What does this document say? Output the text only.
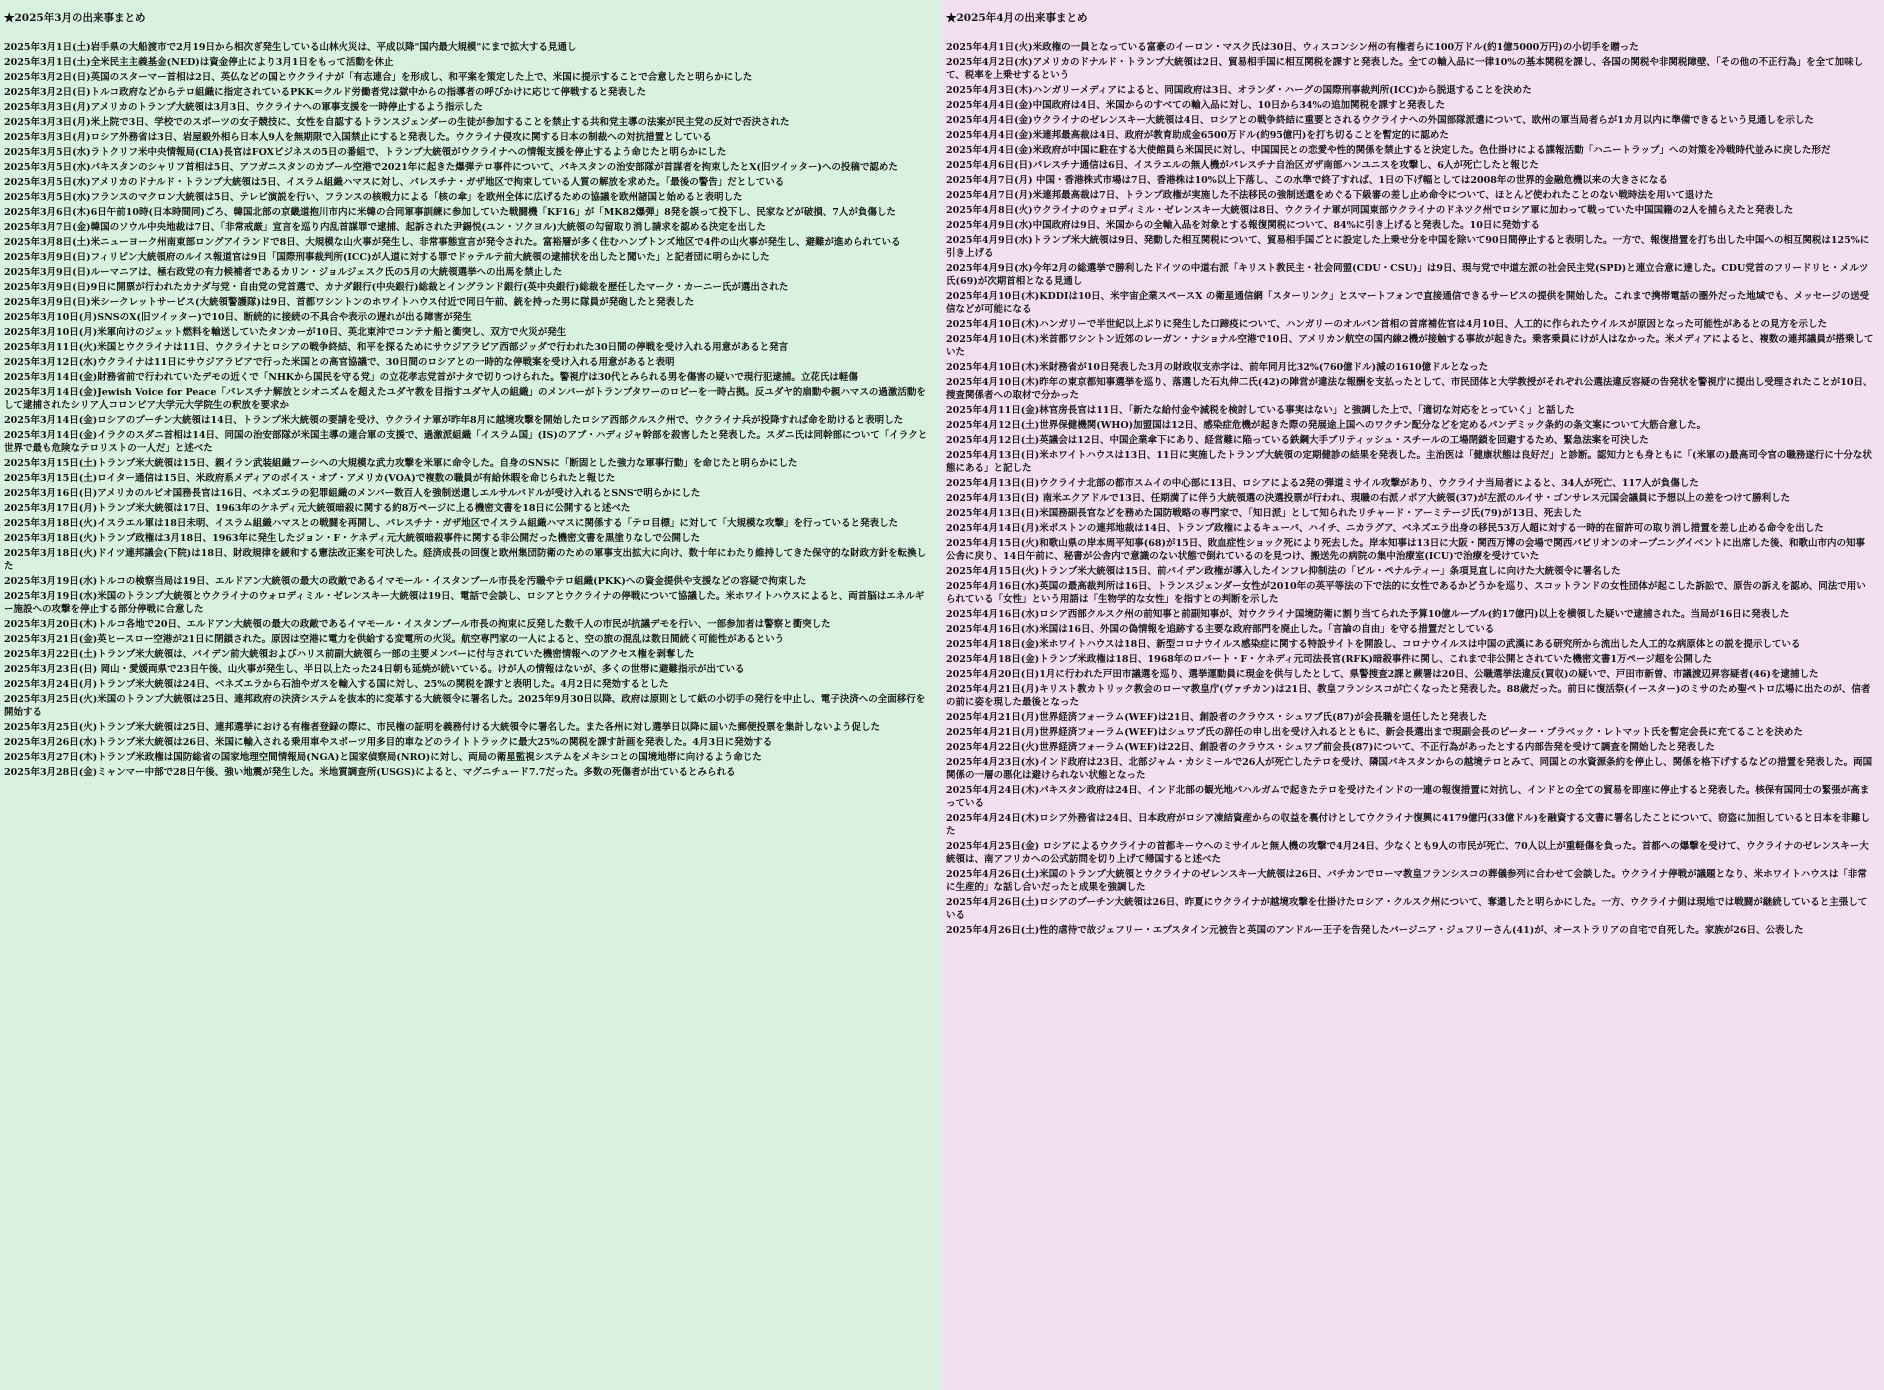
★2025年3月の出来事まとめ
2025年3月1日(土)岩手県の大船渡市で2月19日から相次ぎ発生している山林火災は、平成以降"国内最大規模"にまで拡大する見通し
2025年3月1日(土)全米民主主義基金(NED)は資金停止により3月1日をもって活動を休止
2025年3月2日(日)英国のスターマー首相は2日、英仏などの国とウクライナが「有志連合」を形成し、和平案を策定した上で、米国に提示することで合意したと明らかにした
2025年3月2日(日)トルコ政府などからテロ組織に指定されているPKK＝クルド労働者党は獄中からの指導者の呼びかけに応じて停戦すると発表した
2025年3月3日(月)アメリカのトランプ大統領は3月3日、ウクライナへの軍事支援を一時停止するよう指示した
2025年3月3日(月)米上院で3日、学校でのスポーツの女子競技に、女性を自認するトランスジェンダーの生徒が参加することを禁止する共和党主導の法案が民主党の反対で否決された
2025年3月3日(月)ロシア外務省は3日、岩屋毅外相ら日本人9人を無期限で入国禁止にすると発表した。ウクライナ侵攻に関する日本の制裁への対抗措置としている
2025年3月5日(水)ラトクリフ米中央情報局(CIA)長官はFOXビジネスの5日の番組で、トランプ大統領がウクライナへの情報支援を停止するよう命じたと明らかにした
2025年3月5日(水)パキスタンのシャリフ首相は5日、アフガニスタンのカブール空港で2021年に起きた爆弾テロ事件について、パキスタンの治安部隊が首謀者を拘束したとX(旧ツイッター)への投稿で認めた
2025年3月5日(水)アメリカのドナルド・トランプ大統領は5日、イスラム組織ハマスに対し、パレスチナ・ガザ地区で拘束している人質の解放を求めた。「最後の警告」だとしている
2025年3月5日(水)フランスのマクロン大統領は5日、テレビ演説を行い、フランスの核戦力による「核の傘」を欧州全体に広げるための協議を欧州諸国と始めると表明した
2025年3月6日(木)6日午前10時(日本時間同)ごろ、韓国北部の京畿道抱川市内に米韓の合同軍事訓練に参加していた戦闘機「KF16」が「MK82爆弾」8発を誤って投下し、民家などが破損、7人が負傷した
2025年3月7日(金)韓国のソウル中央地裁は7日、「非常戒厳」宣言を巡り内乱首謀罪で逮捕、起訴された尹錫悦(ユン・ソクヨル)大統領の勾留取り消し請求を認める決定を出した
2025年3月8日(土)米ニューヨーク州南東部ロングアイランドで8日、大規模な山火事が発生し、非常事態宣言が発令された。富裕層が多く住むハンプトンズ地区で4件の山火事が発生し、避難が進められている
2025年3月9日(日)フィリピン大統領府のルイス報道官は9日「国際刑事裁判所(ICC)が人道に対する罪でドゥテルテ前大統領の逮捕状を出したと聞いた」と記者団に明らかにした
2025年3月9日(日)ルーマニアは、極右政党の有力候補者であるカリン・ジョルジェスク氏の5月の大統領選挙への出馬を禁止した
2025年3月9日(日)9日に開票が行われたカナダ与党・自由党の党首選で、カナダ銀行(中央銀行)総裁とイングランド銀行(英中央銀行)総裁を歴任したマーク・カーニー氏が選出された
2025年3月9日(日)米シークレットサービス(大統領警護隊)は9日、首都ワシントンのホワイトハウス付近で同日午前、銃を持った男に隊員が発砲したと発表した
2025年3月10日(月)SNSのX(旧ツイッター)で10日、断続的に接続の不具合や表示の遅れが出る障害が発生
2025年3月10日(月)米軍向けのジェット燃料を輸送していたタンカーが10日、英北東沖でコンテナ船と衝突し、双方で火災が発生
2025年3月11日(火)米国とウクライナは11日、ウクライナとロシアの戦争終結、和平を探るためにサウジアラビア西部ジッダで行われた30日間の停戦を受け入れる用意があると発言
2025年3月12日(水)ウクライナは11日にサウジアラビアで行った米国との高官協議で、30日間のロシアとの一時的な停戦案を受け入れる用意があると表明
2025年3月14日(金)財務省前で行われていたデモの近くで「NHKから国民を守る党」の立花孝志党首がナタで切りつけられた。警視庁は30代とみられる男を傷害の疑いで現行犯逮捕。立花氏は軽傷
2025年3月14日(金)Jewish Voice for Peace「パレスチナ解放とシオニズムを超えたユダヤ教を目指すユダヤ人の組織」のメンバーがトランプタワーのロビーを一時占拠。反ユダヤ的扇動や親ハマスの過激活動をして逮捕されたシリア人コロンビア大学元大学院生の釈放を要求か
2025年3月14日(金)ロシアのプーチン大統領は14日、トランプ米大統領の要請を受け、ウクライナ軍が昨年8月に越境攻撃を開始したロシア西部クルスク州で、ウクライナ兵が投降すれば命を助けると表明した
2025年3月14日(金)イラクのスダニ首相は14日、同国の治安部隊が米国主導の連合軍の支援で、過激派組織「イスラム国」(IS)のアブ・ハディジャ幹部を殺害したと発表した。スダニ氏は同幹部について「イラクと世界で最も危険なテロリストの一人だ」と述べた
2025年3月15日(土)トランプ米大統領は15日、親イラン武装組織フーシへの大規模な武力攻撃を米軍に命令した。自身のSNSに「断固とした強力な軍事行動」を命じたと明らかにした
2025年3月15日(土)ロイター通信は15日、米政府系メディアのボイス・オブ・アメリカ(VOA)で複数の職員が有給休暇を命じられたと報じた
2025年3月16日(日)アメリカのルビオ国務長官は16日、ベネズエラの犯罪組織のメンバー数百人を強制送還しエルサルバドルが受け入れるとSNSで明らかにした
2025年3月17日(月)トランプ米大統領は17日、1963年のケネディ元大統領暗殺に関する約8万ページに上る機密文書を18日に公開すると述べた
2025年3月18日(火)イスラエル軍は18日未明、イスラム組織ハマスとの戦闘を再開し、パレスチナ・ガザ地区でイスラム組織ハマスに関係する「テロ目標」に対して「大規模な攻撃」を行っていると発表した
2025年3月18日(火)トランプ政権は3月18日、1963年に発生したジョン・F・ケネディ元大統領暗殺事件に関する非公開だった機密文書を黒塗りなしで公開した
2025年3月18日(火)ドイツ連邦議会(下院)は18日、財政規律を緩和する憲法改正案を可決した。経済成長の回復と欧州集団防衛のための軍事支出拡大に向け、数十年にわたり維持してきた保守的な財政方針を転換した
2025年3月19日(水)トルコの検察当局は19日、エルドアン大統領の最大の政敵であるイマモール・イスタンブール市長を汚職やテロ組織(PKK)への資金提供や支援などの容疑で拘束した
2025年3月19日(水)米国のトランプ大統領とウクライナのウォロディミル・ゼレンスキー大統領は19日、電話で会談し、ロシアとウクライナの停戦について協議した。米ホワイトハウスによると、両首脳はエネルギー施設への攻撃を停止する部分停戦に合意した
2025年3月20日(木)トルコ各地で20日、エルドアン大統領の最大の政敵であるイマモール・イスタンブール市長の拘束に反発した数千人の市民が抗議デモを行い、一部参加者は警察と衝突した
2025年3月21日(金)英ヒースロー空港が21日に閉鎖された。原因は空港に電力を供給する変電所の火災。航空専門家の一人によると、空の旅の混乱は数日間続く可能性があるという
2025年3月22日(土)トランプ米大統領は、バイデン前大統領およびハリス前副大統領ら一部の主要メンバーに付与されていた機密情報へのアクセス権を剥奪した
2025年3月23日(日) 岡山・愛媛両県で23日午後、山火事が発生し、半日以上たった24日朝も延焼が続いている。けが人の情報はないが、多くの世帯に避難指示が出ている
2025年3月24日(月)トランプ米大統領は24日、ベネズエラから石油やガスを輸入する国に対し、25%の関税を課すと表明した。4月2日に発効するとした
2025年3月25日(火)米国のトランプ大統領は25日、連邦政府の決済システムを抜本的に変革する大統領令に署名した。2025年9月30日以降、政府は原則として紙の小切手の発行を中止し、電子決済への全面移行を開始する
2025年3月25日(火)トランプ米大統領は25日、連邦選挙における有権者登録の際に、市民権の証明を義務付ける大統領令に署名した。また各州に対し選挙日以降に届いた郵便投票を集計しないよう促した
2025年3月26日(水)トランプ米大統領は26日、米国に輸入される乗用車やスポーツ用多目的車などのライトトラックに最大25%の関税を課す計画を発表した。4月3日に発効する
2025年3月27日(木)トランプ米政権は国防総省の国家地理空間情報局(NGA)と国家偵察局(NRO)に対し、両局の衛星監視システムをメキシコとの国境地帯に向けるよう命じた
2025年3月28日(金)ミャンマー中部で28日午後、強い地震が発生した。米地質調査所(USGS)によると、マグニチュード7.7だった。多数の死傷者が出ているとみられる
★2025年4月の出来事まとめ
2025年4月1日(火)米政権の一員となっている富豪のイーロン・マスク氏は30日、ウィスコンシン州の有権者らに100万ドル(約1億5000万円)の小切手を贈った
2025年4月2日(水)アメリカのドナルド・トランプ大統領は2日、貿易相手国に相互関税を課すと発表した。全ての輸入品に一律10%の基本関税を課し、各国の関税や非関税障壁、「その他の不正行為」を全て加味して、税率を上乗せするという
2025年4月3日(木)ハンガリーメディアによると、同国政府は3日、オランダ・ハーグの国際刑事裁判所(ICC)から脱退することを決めた
2025年4月4日(金)中国政府は4日、米国からのすべての輸入品に対し、10日から34%の追加関税を課すと発表した
2025年4月4日(金)ウクライナのゼレンスキー大統領は4日、ロシアとの戦争終結に重要とされるウクライナへの外国部隊派遣について、欧州の軍当局者らが1カ月以内に準備できるという見通しを示した
2025年4月4日(金)米連邦最高裁は4日、政府が教育助成金6500万ドル(約95億円)を打ち切ることを暫定的に認めた
2025年4月4日(金)米政府が中国に駐在する大使館員ら米国民に対し、中国国民との恋愛や性的関係を禁止すると決定した。色仕掛けによる諜報活動「ハニートラップ」への対策を冷戦時代並みに戻した形だ
2025年4月6日(日)パレスチナ通信は6日、イスラエルの無人機がパレスチナ自治区ガザ南部ハンユニスを攻撃し、6人が死亡したと報じた
2025年4月7日(月) 中国・香港株式市場は7日、香港株は10%以上下落し、この水準で終了すれば、1日の下げ幅としては2008年の世界的金融危機以来の大きさになる
2025年4月7日(月)米連邦最高裁は7日、トランプ政権が実施した不法移民の強制送還をめぐる下級審の差し止め命令について、ほとんど使われたことのない戦時法を用いて退けた
2025年4月8日(火)ウクライナのウォロディミル・ゼレンスキー大統領は8日、ウクライナ軍が同国東部ウクライナのドネツク州でロシア軍に加わって戦っていた中国国籍の2人を捕らえたと発表した
2025年4月9日(水)中国政府は9日、米国からの全輸入品を対象とする報復関税について、84%に引き上げると発表した。10日に発効する
2025年4月9日(水)トランプ米大統領は9日、発動した相互関税について、貿易相手国ごとに設定した上乗せ分を中国を除いて90日間停止すると表明した。一方で、報復措置を打ち出した中国への相互関税は125%に引き上げる
2025年4月9日(水)今年2月の総選挙で勝利したドイツの中道右派「キリスト教民主・社会同盟(CDU・CSU)」は9日、現与党で中道左派の社会民主党(SPD)と連立合意に達した。CDU党首のフリードリヒ・メルツ氏(69)が次期首相となる見通し
2025年4月10日(木)KDDIは10日、米宇宙企業スペースX の衛星通信網「スターリンク」とスマートフォンで直接通信できるサービスの提供を開始した。これまで携帯電話の圏外だった地域でも、メッセージの送受信などが可能になる
2025年4月10日(木)ハンガリーで半世紀以上ぶりに発生した口蹄疫について、ハンガリーのオルバン首相の首席補佐官は4月10日、人工的に作られたウイルスが原因となった可能性があるとの見方を示した
2025年4月10日(木)米首都ワシントン近郊のレーガン・ナショナル空港で10日、アメリカン航空の国内線2機が接触する事故が起きた。乗客乗員にけが人はなかった。米メディアによると、複数の連邦議員が搭乗していた
2025年4月10日(木)米財務省が10日発表した3月の財政収支赤字は、前年同月比32%(760億ドル)減の1610億ドルとなった
2025年4月10日(木)昨年の東京都知事選挙を巡り、落選した石丸伸二氏(42)の陣営が違法な報酬を支払ったとして、市民団体と大学教授がそれぞれ公選法違反容疑の告発状を警視庁に提出し受理されたことが10日、捜査関係者への取材で分かった
2025年4月11日(金)林官房長官は11日、「新たな給付金や減税を検討している事実はない」と強調した上で、「適切な対応をとっていく」と話した
2025年4月12日(土)世界保健機関(WHO)加盟国は12日、感染症危機が起きた際の発展途上国へのワクチン配分などを定めるパンデミック条約の条文案について大筋合意した。
2025年4月12日(土)英議会は12日、中国企業傘下にあり、経営難に陥っている鉄鋼大手ブリティッシュ・スチールの工場閉鎖を回避するため、緊急法案を可決した
2025年4月13日(日)米ホワイトハウスは13日、11日に実施したトランプ大統領の定期健診の結果を発表した。主治医は「健康状態は良好だ」と診断。認知力とも身ともに「(米軍の)最高司令官の職務遂行に十分な状態にある」と記した
2025年4月13日(日)ウクライナ北部の都市スムイの中心部に13日、ロシアによる2発の弾道ミサイル攻撃があり、ウクライナ当局者によると、34人が死亡、117人が負傷した
2025年4月13日(日) 南米エクアドルで13日、任期満了に伴う大統領選の決選投票が行われ、現職の右派ノボア大統領(37)が左派のルイサ・ゴンサレス元国会議員に予想以上の差をつけて勝利した
2025年4月13日(日)米国務副長官などを務めた国防戦略の専門家で、「知日派」として知られたリチャード・アーミテージ氏(79)が13日、死去した
2025年4月14日(月)米ボストンの連邦地裁は14日、トランプ政権によるキューバ、ハイチ、ニカラグア、ベネズエラ出身の移民53万人超に対する一時的在留許可の取り消し措置を差し止める命令を出した
2025年4月15日(火)和歌山県の岸本周平知事(68)が15日、敗血症性ショック死により死去した。岸本知事は13日に大阪・関西万博の会場で関西パビリオンのオープニングイベントに出席した後、和歌山市内の知事公舎に戻り、14日午前に、秘書が公舎内で意識のない状態で倒れているのを見つけ、搬送先の病院の集中治療室(ICU)で治療を受けていた
2025年4月15日(火)トランプ米大統領は15日、前バイデン政権が導入したインフレ抑制法の「ビル・ペナルティー」条項見直しに向けた大統領令に署名した
2025年4月16日(水)英国の最高裁判所は16日、トランスジェンダー女性が2010年の英平等法の下で法的に女性であるかどうかを巡り、スコットランドの女性団体が起こした訴訟で、原告の訴えを認め、同法で用いられている「女性」という用語は「生物学的な女性」を指すとの判断を示した
2025年4月16日(水)ロシア西部クルスク州の前知事と前副知事が、対ウクライナ国境防衛に割り当てられた予算10億ルーブル(約17億円)以上を横領した疑いで逮捕された。当局が16日に発表した
2025年4月16日(水)米国は16日、外国の偽情報を追跡する主要な政府部門を廃止した。「言論の自由」を守る措置だとしている
2025年4月18日(金)米ホワイトハウスは18日、新型コロナウイルス感染症に関する特設サイトを開設し、コロナウイルスは中国の武漢にある研究所から流出した人工的な病原体との説を提示している
2025年4月18日(金)トランプ米政権は18日、1968年のロバート・F・ケネディ元司法長官(RFK)暗殺事件に関し、これまで非公開とされていた機密文書1万ページ超を公開した
2025年4月20日(日)1月に行われた戸田市議選を巡り、選挙運動員に現金を供与したとして、県警捜査2課と蕨署は20日、公職選挙法違反(買収)の疑いで、戸田市新曽、市議渡辺昇容疑者(46)を逮捕した
2025年4月21日(月)キリスト教カトリック教会のローマ教皇庁(ヴァチカン)は21日、教皇フランシスコが亡くなったと発表した。88歳だった。前日に復活祭(イースター)のミサのため聖ペトロ広場に出たのが、信者の前に姿を現した最後となった
2025年4月21日(月)世界経済フォーラム(WEF)は21日、創設者のクラウス・シュワブ氏(87)が会長職を退任したと発表した
2025年4月21日(月)世界経済フォーラム(WEF)はシュワブ氏の辞任の申し出を受け入れるとともに、新会長選出まで現副会長のピーター・ブラベック・レトマット氏を暫定会長に充てることを決めた
2025年4月22日(火)世界経済フォーラム(WEF)は22日、創設者のクラウス・シュワブ前会長(87)について、不正行為があったとする内部告発を受けて調査を開始したと発表した
2025年4月23日(水)インド政府は23日、北部ジャム・カシミールで26人が死亡したテロを受け、隣国パキスタンからの越境テロとみて、同国との水資源条約を停止し、関係を格下げするなどの措置を発表した。両国関係の一層の悪化は避けられない状態となった
2025年4月24日(木)パキスタン政府は24日、インド北部の観光地パハルガムで起きたテロを受けたインドの一連の報復措置に対抗し、インドとの全ての貿易を即座に停止すると発表した。核保有国同士の緊張が高まっている
2025年4月24日(木)ロシア外務省は24日、日本政府がロシア凍結資産からの収益を裏付けとしてウクライナ復興に4179億円(33億ドル)を融資する文書に署名したことについて、窃盗に加担していると日本を非難した
2025年4月25日(金) ロシアによるウクライナの首都キーウへのミサイルと無人機の攻撃で4月24日、少なくとも9人の市民が死亡、70人以上が重軽傷を負った。首都への爆撃を受けて、ウクライナのゼレンスキー大統領は、南アフリカへの公式訪問を切り上げて帰国すると述べた
2025年4月26日(土)米国のトランプ大統領とウクライナのゼレンスキー大統領は26日、バチカンでローマ教皇フランシスコの葬儀参列に合わせて会談した。ウクライナ停戦が議題となり、米ホワイトハウスは「非常に生産的」な話し合いだったと成果を強調した
2025年4月26日(土)ロシアのプーチン大統領は26日、昨夏にウクライナが越境攻撃を仕掛けたロシア・クルスク州について、奪還したと明らかにした。一方、ウクライナ側は現地では戦闘が継続していると主張している
2025年4月26日(土)性的虐待で故ジェフリー・エプスタイン元被告と英国のアンドルー王子を告発したバージニア・ジュフリーさん(41)が、オーストラリアの自宅で自死した。家族が26日、公表した
